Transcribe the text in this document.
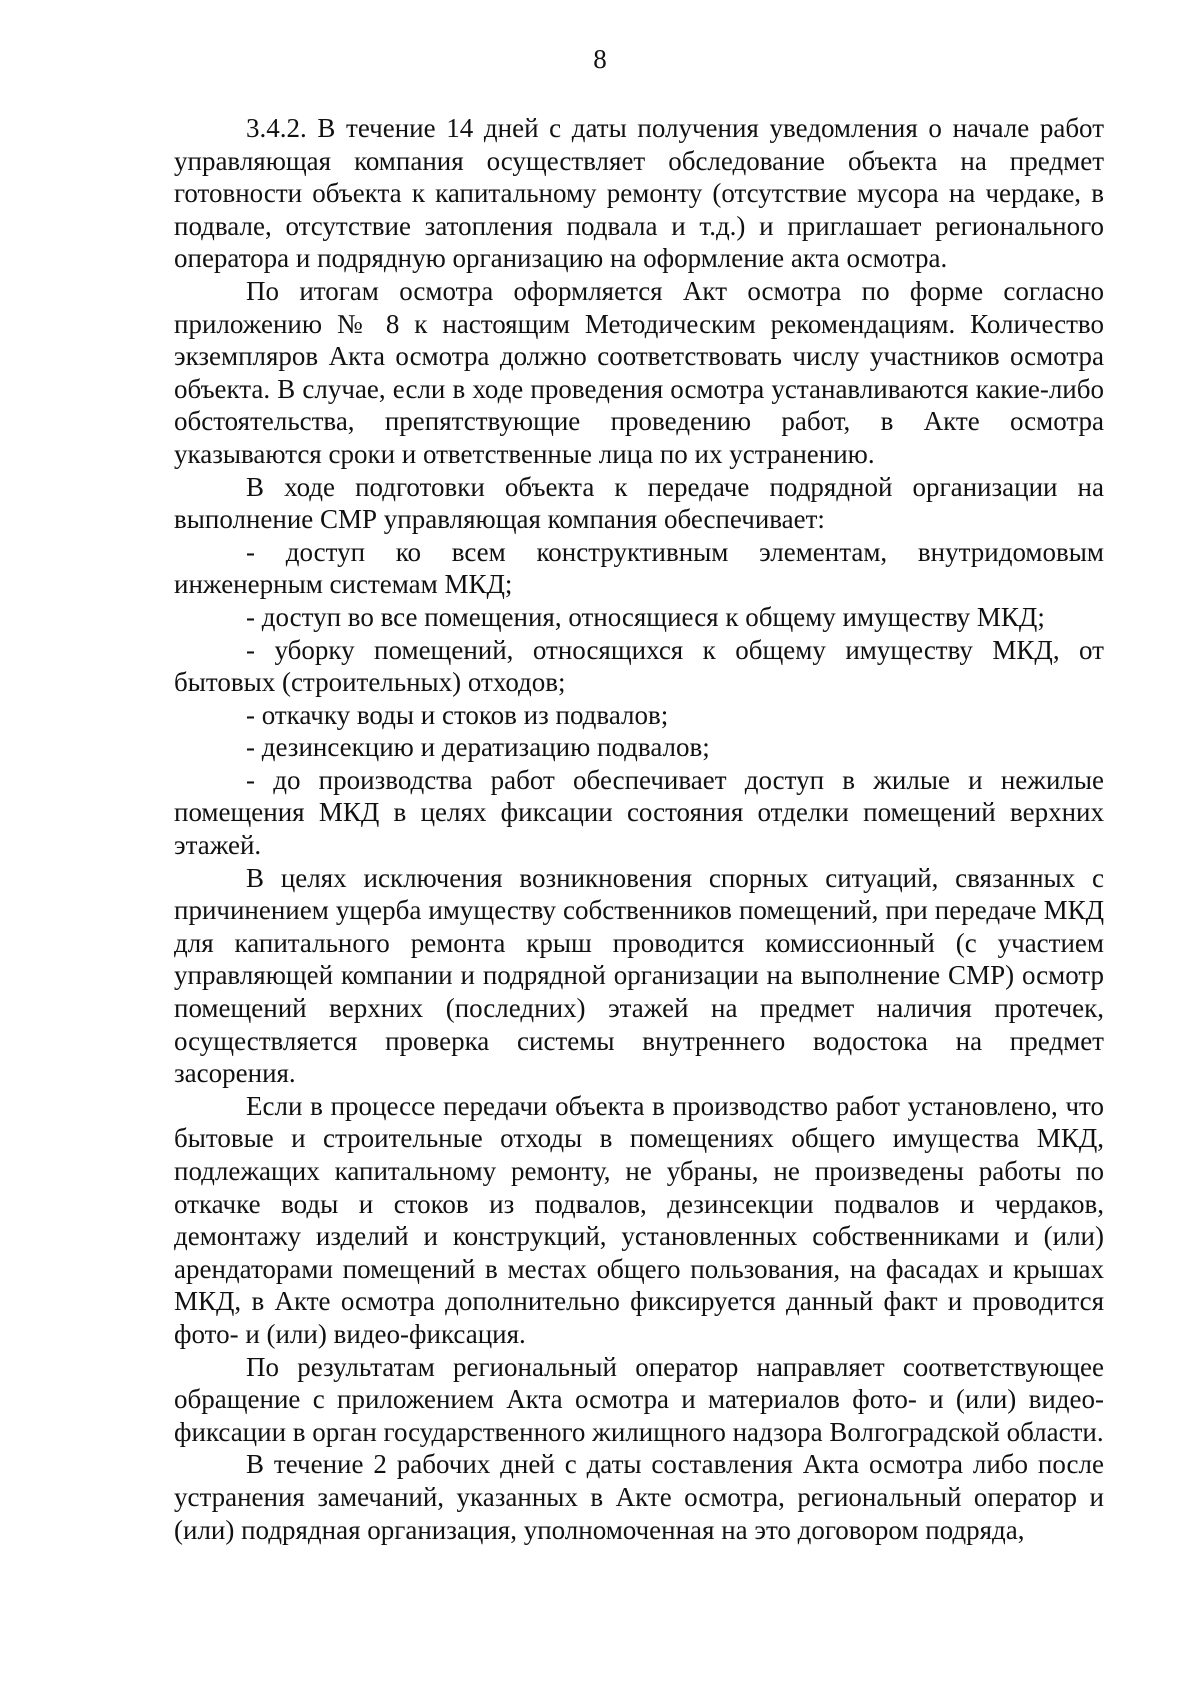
8

3.4.2. В течение 14 дней с даты получения уведомления о начале работ управляющая компания осуществляет обследование объекта на предмет готовности объекта к капитальному ремонту (отсутствие мусора на чердаке, в подвале, отсутствие затопления подвала и т.д.) и приглашает регионального оператора и подрядную организацию на оформление акта осмотра.

По итогам осмотра оформляется Акт осмотра по форме согласно приложению № 8 к настоящим Методическим рекомендациям. Количество экземпляров Акта осмотра должно соответствовать числу участников осмотра объекта. В случае, если в ходе проведения осмотра устанавливаются какие-либо обстоятельства, препятствующие проведению работ, в Акте осмотра указываются сроки и ответственные лица по их устранению.

В ходе подготовки объекта к передаче подрядной организации на выполнение СМР управляющая компания обеспечивает:

- доступ ко всем конструктивным элементам, внутридомовым инженерным системам МКД;

- доступ во все помещения, относящиеся к общему имуществу МКД;

- уборку помещений, относящихся к общему имуществу МКД, от бытовых (строительных) отходов;

- откачку воды и стоков из подвалов;

- дезинсекцию и дератизацию подвалов;

- до производства работ обеспечивает доступ в жилые и нежилые помещения МКД в целях фиксации состояния отделки помещений верхних этажей.

В целях исключения возникновения спорных ситуаций, связанных с причинением ущерба имуществу собственников помещений, при передаче МКД для капитального ремонта крыш проводится комиссионный (с участием управляющей компании и подрядной организации на выполнение СМР) осмотр помещений верхних (последних) этажей на предмет наличия протечек, осуществляется проверка системы внутреннего водостока на предмет засорения.

Если в процессе передачи объекта в производство работ установлено, что бытовые и строительные отходы в помещениях общего имущества МКД, подлежащих капитальному ремонту, не убраны, не произведены работы по откачке воды и стоков из подвалов, дезинсекции подвалов и чердаков, демонтажу изделий и конструкций, установленных собственниками и (или) арендаторами помещений в местах общего пользования, на фасадах и крышах МКД, в Акте осмотра дополнительно фиксируется данный факт и проводится фото- и (или) видео-фиксация.

По результатам региональный оператор направляет соответствующее обращение с приложением Акта осмотра и материалов фото- и (или) видео-фиксации в орган государственного жилищного надзора Волгоградской области.

В течение 2 рабочих дней с даты составления Акта осмотра либо после устранения замечаний, указанных в Акте осмотра, региональный оператор и (или) подрядная организация, уполномоченная на это договором подряда,
